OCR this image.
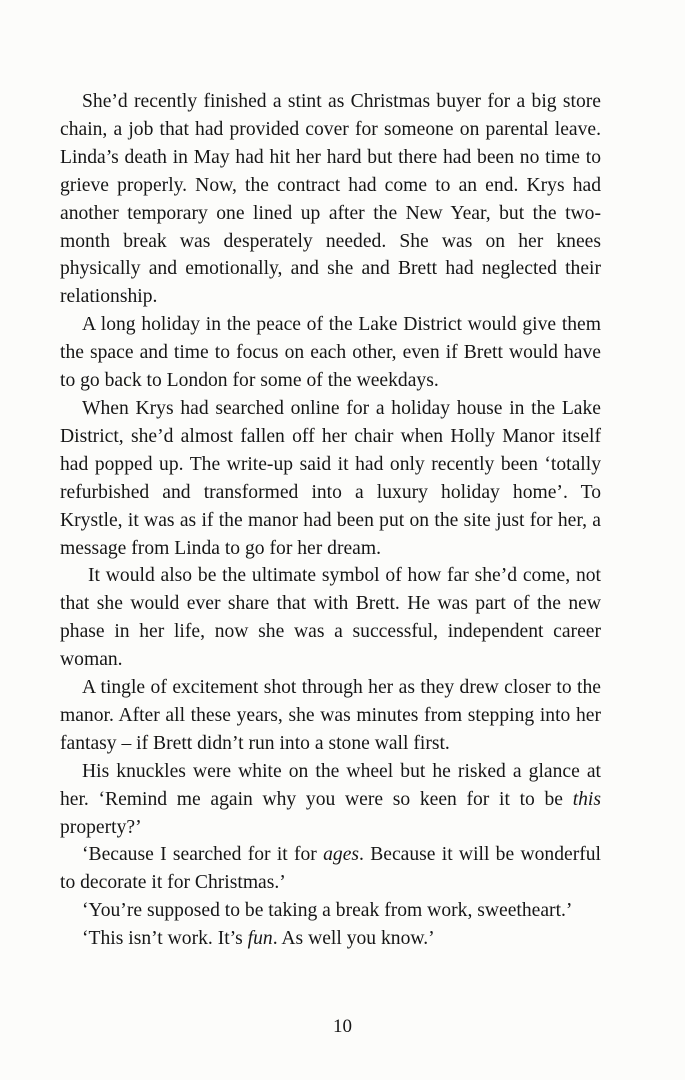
She’d recently finished a stint as Christmas buyer for a big store chain, a job that had provided cover for someone on parental leave. Linda’s death in May had hit her hard but there had been no time to grieve properly. Now, the contract had come to an end. Krys had another temporary one lined up after the New Year, but the two-month break was desperately needed. She was on her knees physically and emotionally, and she and Brett had neglected their relationship.

A long holiday in the peace of the Lake District would give them the space and time to focus on each other, even if Brett would have to go back to London for some of the weekdays.

When Krys had searched online for a holiday house in the Lake District, she’d almost fallen off her chair when Holly Manor itself had popped up. The write-up said it had only recently been ‘totally refurbished and transformed into a luxury holiday home’. To Krystle, it was as if the manor had been put on the site just for her, a message from Linda to go for her dream.

It would also be the ultimate symbol of how far she’d come, not that she would ever share that with Brett. He was part of the new phase in her life, now she was a successful, independent career woman.

A tingle of excitement shot through her as they drew closer to the manor. After all these years, she was minutes from stepping into her fantasy – if Brett didn’t run into a stone wall first.

His knuckles were white on the wheel but he risked a glance at her. ‘Remind me again why you were so keen for it to be this property?’

‘Because I searched for it for ages. Because it will be wonderful to decorate it for Christmas.’

‘You’re supposed to be taking a break from work, sweetheart.’

‘This isn’t work. It’s fun. As well you know.’

10
